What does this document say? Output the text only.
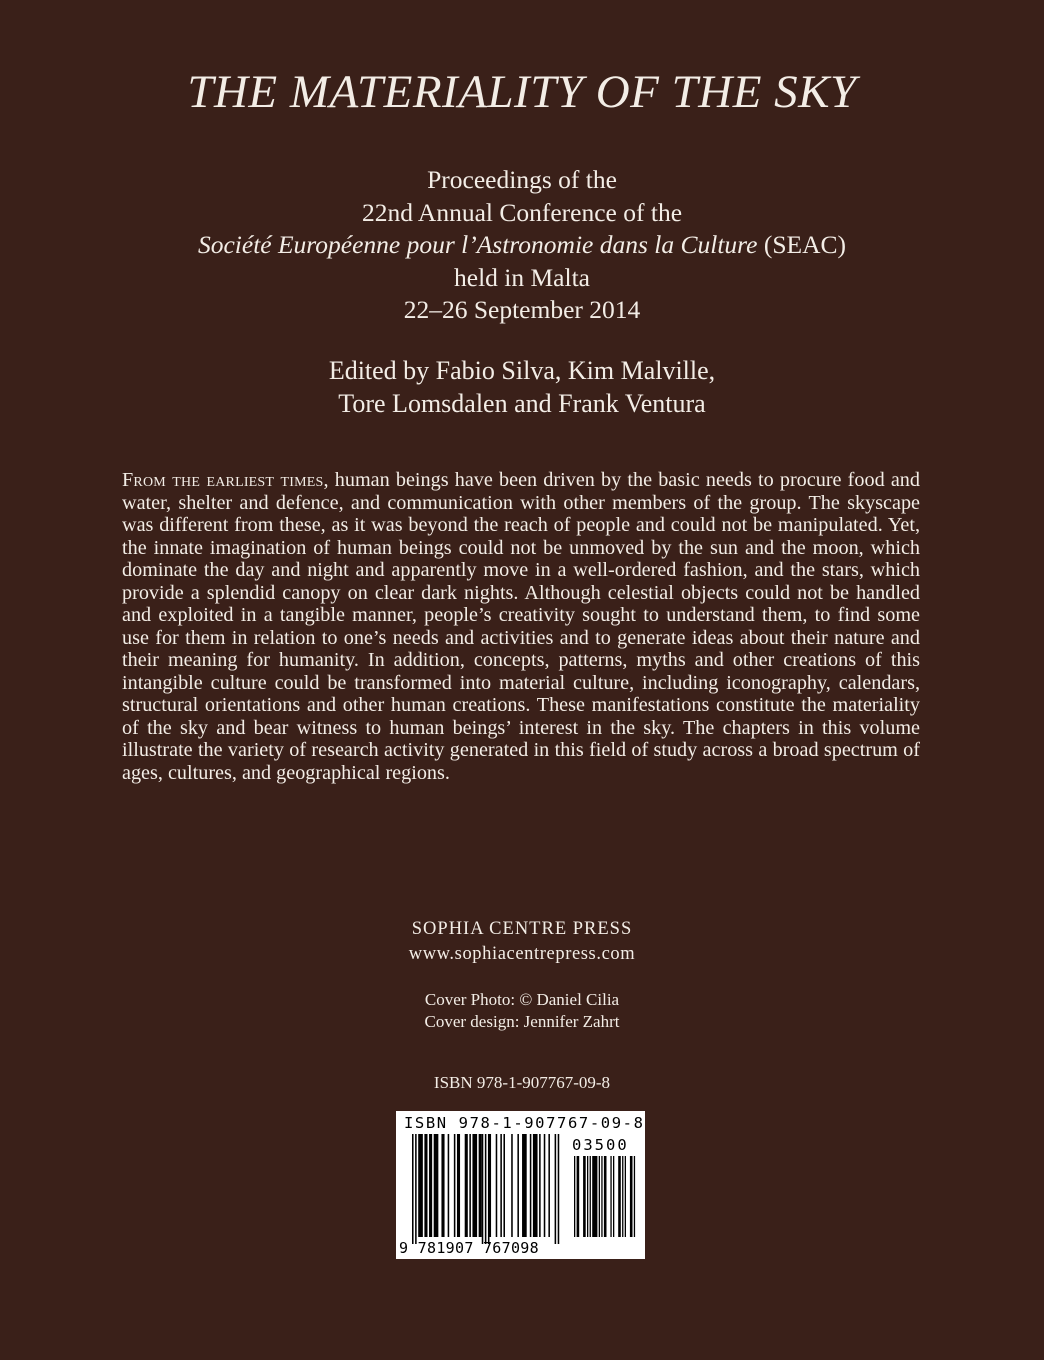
THE MATERIALITY OF THE SKY
Proceedings of the
22nd Annual Conference of the
Société Européenne pour l’Astronomie dans la Culture (SEAC)
held in Malta
22–26 September 2014
Edited by Fabio Silva, Kim Malville,
Tore Lomsdalen and Frank Ventura

From the earliest times, human beings have been driven by the basic needs to procure food and water, shelter and defence, and communication with other members of the group. The skyscape was different from these, as it was beyond the reach of people and could not be manipulated. Yet, the innate imagination of human beings could not be unmoved by the sun and the moon, which dominate the day and night and apparently move in a well-ordered fashion, and the stars, which provide a splendid canopy on clear dark nights. Although celestial objects could not be handled and exploited in a tangible manner, people’s creativity sought to understand them, to find some use for them in relation to one’s needs and activities and to generate ideas about their nature and their meaning for humanity. In addition, concepts, patterns, myths and other creations of this intangible culture could be transformed into material culture, including iconography, calendars, structural orientations and other human creations. These manifestations constitute the materiality of the sky and bear witness to human beings’ interest in the sky. The chapters in this volume illustrate the variety of research activity generated in this field of study across a broad spectrum of ages, cultures, and geographical regions.

SOPHIA CENTRE PRESS
www.sophiacentrepress.com
Cover Photo: © Daniel Cilia
Cover design: Jennifer Zahrt
ISBN 978-1-907767-09-8
ISBN 978-1-907767-09-8
03500
9 781907 767098
